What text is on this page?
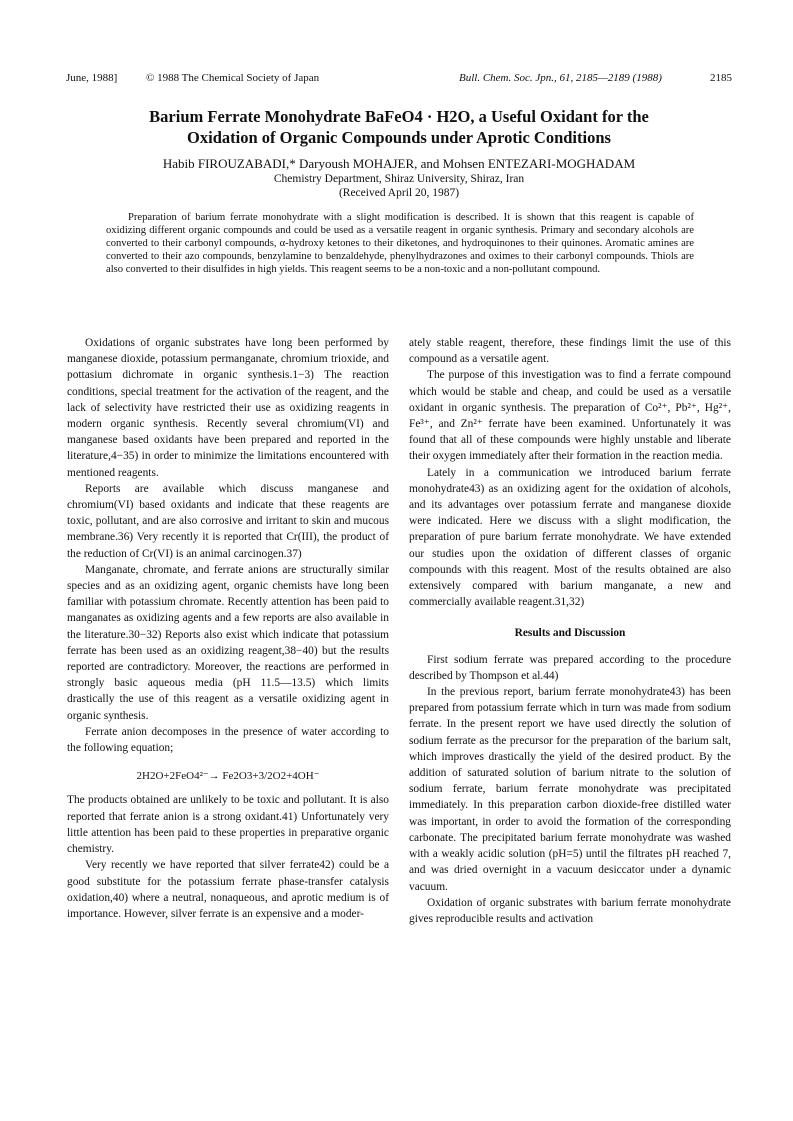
June, 1988]	© 1988 The Chemical Society of Japan	Bull. Chem. Soc. Jpn., 61, 2185—2189 (1988)	2185
Barium Ferrate Monohydrate BaFeO4 · H2O, a Useful Oxidant for the
Oxidation of Organic Compounds under Aprotic Conditions
Habib FIROUZABADI,* Daryoush MOHAJER, and Mohsen ENTEZARI-MOGHADAM
Chemistry Department, Shiraz University, Shiraz, Iran
(Received April 20, 1987)

Preparation of barium ferrate monohydrate with a slight modification is described. It is shown that this reagent is capable of oxidizing different organic compounds and could be used as a versatile reagent in organic synthesis. Primary and secondary alcohols are converted to their carbonyl compounds, α-hydroxy ketones to their diketones, and hydroquinones to their quinones. Aromatic amines are converted to their azo compounds, benzylamine to benzaldehyde, phenylhydrazones and oximes to their carbonyl compounds. Thiols are also converted to their disulfides in high yields. This reagent seems to be a non-toxic and a non-pollutant compound.

Oxidations of organic substrates have long been performed by manganese dioxide, potassium permanganate, chromium trioxide, and pottasium dichromate in organic synthesis.1−3) The reaction conditions, special treatment for the activation of the reagent, and the lack of selectivity have restricted their use as oxidizing reagents in modern organic synthesis. Recently several chromium(VI) and manganese based oxidants have been prepared and reported in the literature,4−35) in order to minimize the limitations encountered with mentioned reagents.

Reports are available which discuss manganese and chromium(VI) based oxidants and indicate that these reagents are toxic, pollutant, and are also corrosive and irritant to skin and mucous membrane.36) Very recently it is reported that Cr(III), the product of the reduction of Cr(VI) is an animal carcinogen.37)

Manganate, chromate, and ferrate anions are structurally similar species and as an oxidizing agent, organic chemists have long been familiar with potassium chromate. Recently attention has been paid to manganates as oxidizing agents and a few reports are also available in the literature.30−32) Reports also exist which indicate that potassium ferrate has been used as an oxidizing reagent,38−40) but the results reported are contradictory. Moreover, the reactions are performed in strongly basic aqueous media (pH 11.5—13.5) which limits drastically the use of this reagent as a versatile oxidizing agent in organic synthesis.

Ferrate anion decomposes in the presence of water according to the following equation;

2H2O+2FeO4²⁻→ Fe2O3+3/2O2+4OH⁻

The products obtained are unlikely to be toxic and pollutant. It is also reported that ferrate anion is a strong oxidant.41) Unfortunately very little attention has been paid to these properties in preparative organic chemistry.

Very recently we have reported that silver ferrate42) could be a good substitute for the potassium ferrate phase-transfer catalysis oxidation,40) where a neutral, nonaqueous, and aprotic medium is of importance. However, silver ferrate is an expensive and a moder-

ately stable reagent, therefore, these findings limit the use of this compound as a versatile agent.

The purpose of this investigation was to find a ferrate compound which would be stable and cheap, and could be used as a versatile oxidant in organic synthesis. The preparation of Co²⁺, Pb²⁺, Hg²⁺, Fe³⁺, and Zn²⁺ ferrate have been examined. Unfortunately it was found that all of these compounds were highly unstable and liberate their oxygen immediately after their formation in the reaction media.

Lately in a communication we introduced barium ferrate monohydrate43) as an oxidizing agent for the oxidation of alcohols, and its advantages over potassium ferrate and manganese dioxide were indicated. Here we discuss with a slight modification, the preparation of pure barium ferrate monohydrate. We have extended our studies upon the oxidation of different classes of organic compounds with this reagent. Most of the results obtained are also extensively compared with barium manganate, a new and commercially available reagent.31,32)

Results and Discussion

First sodium ferrate was prepared according to the procedure described by Thompson et al.44)

In the previous report, barium ferrate monohydrate43) has been prepared from potassium ferrate which in turn was made from sodium ferrate. In the present report we have used directly the solution of sodium ferrate as the precursor for the preparation of the barium salt, which improves drastically the yield of the desired product. By the addition of saturated solution of barium nitrate to the solution of sodium ferrate, barium ferrate monohydrate was precipitated immediately. In this preparation carbon dioxide-free distilled water was important, in order to avoid the formation of the corresponding carbonate. The precipitated barium ferrate monohydrate was washed with a weakly acidic solution (pH=5) until the filtrates pH reached 7, and was dried overnight in a vacuum desiccator under a dynamic vacuum.

Oxidation of organic substrates with barium ferrate monohydrate gives reproducible results and activation
